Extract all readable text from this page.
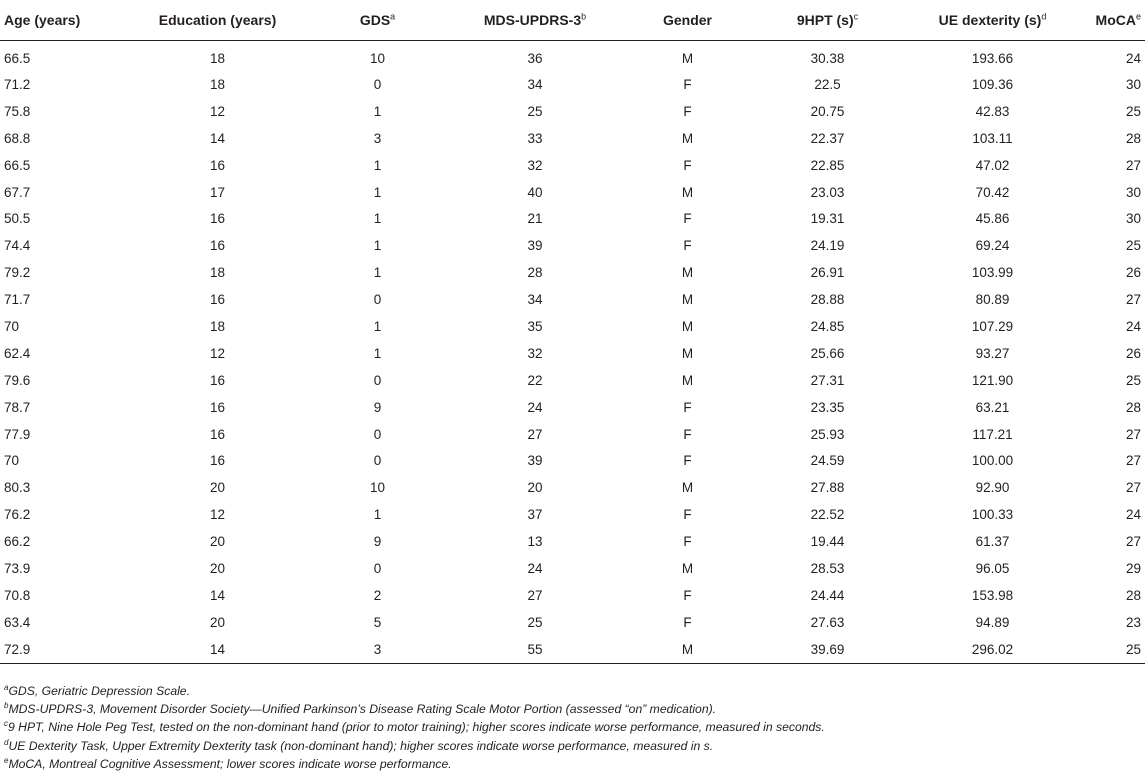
Age (years)	Education (years)	GDS$^a$	MDS-UPDRS-3$^b$	Gender	9HPT $(s)^c$	UE dexterity $(s)^d$	MoCA$^e$
66.5	18	10	36	M	30.38	193.66	24
71.2	18	0	34	F	22.5	109.36	30
75.8	12	1	25	F	20.75	42.83	25
68.8	14	3	33	M	22.37	103.11	28
66.5	16	1	32	F	22.85	47.02	27
67.7	17	1	40	M	23.03	70.42	30
50.5	16	1	21	F	19.31	45.86	30
74.4	16	1	39	F	24.19	69.24	25
79.2	18	1	28	M	26.91	103.99	26
71.7	16	0	34	M	28.88	80.89	27
70	18	1	35	M	24.85	107.29	24
62.4	12	1	32	M	25.66	93.27	26
79.6	16	0	22	M	27.31	121.90	25
78.7	16	9	24	F	23.35	63.21	28
77.9	16	0	27	F	25.93	117.21	27
70	16	0	39	F	24.59	100.00	27
80.3	20	10	20	M	27.88	92.90	27
76.2	12	1	37	F	22.52	100.33	24
66.2	20	9	13	F	19.44	61.37	27
73.9	20	0	24	M	28.53	96.05	29
70.8	14	2	27	F	24.44	153.98	28
63.4	20	5	25	F	27.63	94.89	23
72.9	14	3	55	M	39.69	296.02	25
$^a$GDS, Geriatric Depression Scale.
$^b$MDS-UPDRS-3, Movement Disorder Society—Unified Parkinson’s Disease Rating Scale Motor Portion (assessed “on” medication).
$^c$9 HPT, Nine Hole Peg Test, tested on the non-dominant hand (prior to motor training); higher scores indicate worse performance, measured in seconds.
$^d$UE Dexterity Task, Upper Extremity Dexterity task (non-dominant hand); higher scores indicate worse performance, measured in s.
$^e$MoCA, Montreal Cognitive Assessment; lower scores indicate worse performance.
